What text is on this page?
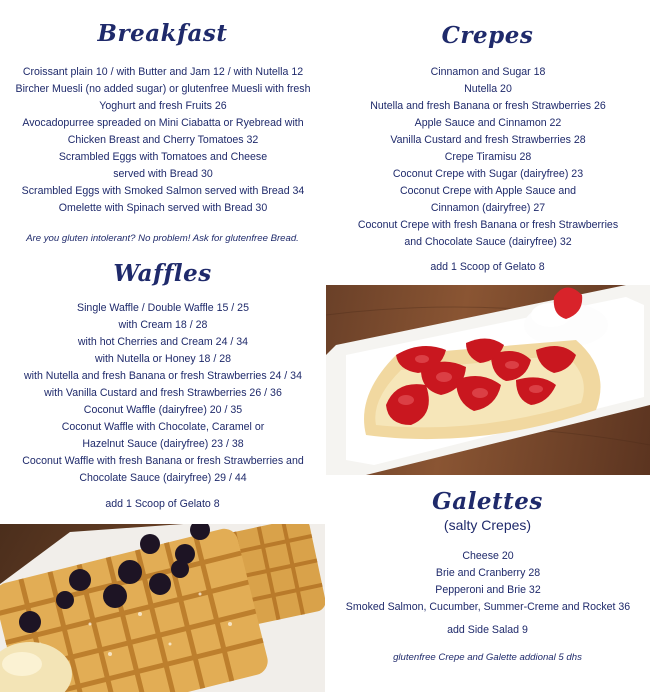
Breakfast
Croissant plain 10 / with Butter and Jam 12 / with Nutella 12
Bircher Muesli (no added sugar) or glutenfree Muesli with fresh
Yoghurt and fresh Fruits 26
Avocadopurree spreaded on Mini Ciabatta or Ryebread with
Chicken Breast and Cherry Tomatoes 32
Scrambled Eggs with Tomatoes and Cheese
served with Bread 30
Scrambled Eggs with Smoked Salmon served with Bread 34
Omelette with Spinach served with Bread 30
Are you gluten intolerant? No problem! Ask for glutenfree Bread.
Waffles
Single Waffle / Double Waffle 15 / 25
with Cream 18 / 28
with hot Cherries and Cream 24 / 34
with Nutella or Honey 18 / 28
with Nutella and fresh Banana or fresh Strawberries 24 / 34
with Vanilla Custard and fresh Strawberries 26 / 36
Coconut Waffle (dairyfree) 20 / 35
Coconut Waffle with Chocolate, Caramel or
Hazelnut Sauce (dairyfree) 23 / 38
Coconut Waffle with fresh Banana or fresh Strawberries and
Chocolate Sauce (dairyfree) 29 / 44
add 1 Scoop of Gelato 8
Crepes
Cinnamon and Sugar 18
Nutella 20
Nutella and fresh Banana or fresh Strawberries 26
Apple Sauce and Cinnamon 22
Vanilla Custard and fresh Strawberries 28
Crepe Tiramisu 28
Coconut Crepe with Sugar (dairyfree) 23
Coconut Crepe with Apple Sauce and
Cinnamon (dairyfree) 27
Coconut Crepe with fresh Banana or fresh Strawberries
and Chocolate Sauce (dairyfree) 32
add 1 Scoop of Gelato 8
Galettes
(salty Crepes)
Cheese 20
Brie and Cranberry 28
Pepperoni and Brie 32
Smoked Salmon, Cucumber, Summer-Creme and Rocket 36
add Side Salad 9
glutenfree Crepe and Galette addional 5 dhs
